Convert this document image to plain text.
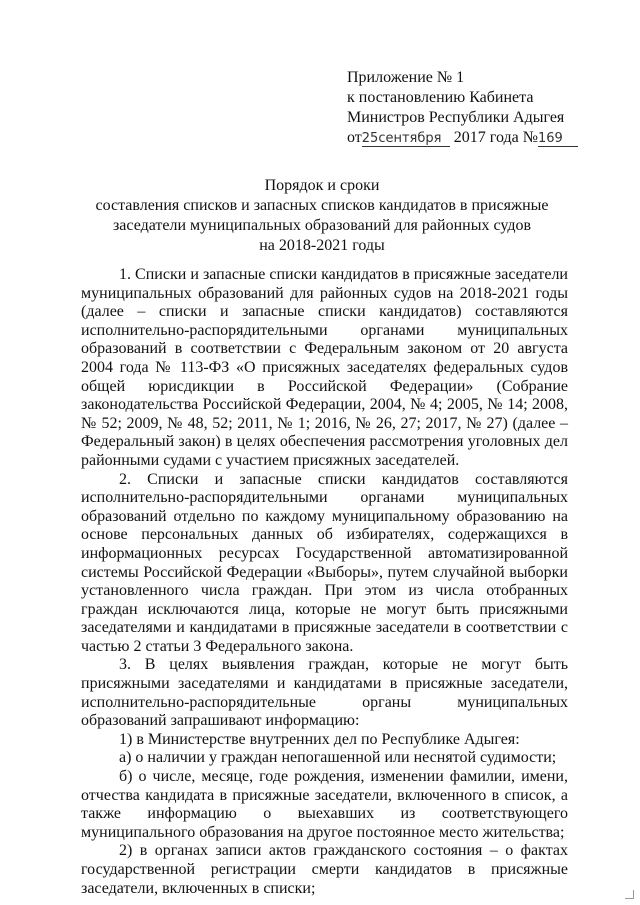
Приложение № 1
к постановлению Кабинета
Министров Республики Адыгея
от25сентября 2017 года №169
Порядок и сроки
составления списков и запасных списков кандидатов в присяжные
заседатели муниципальных образований для районных судов
на 2018-2021 годы

1. Списки и запасные списки кандидатов в присяжные заседатели муниципальных образований для районных судов на 2018-2021 годы (далее – списки и запасные списки кандидатов) составляются исполнительно-распорядительными органами муниципальных образований в соответствии с Федеральным законом от 20 августа 2004 года № 113-ФЗ «О присяжных заседателях федеральных судов общей юрисдикции в Российской Федерации» (Собрание законодательства Российской Федерации, 2004, № 4; 2005, № 14; 2008, № 52; 2009, № 48, 52; 2011, № 1; 2016, № 26, 27; 2017, № 27) (далее – Федеральный закон) в целях обеспечения рассмотрения уголовных дел районными судами с участием присяжных заседателей.

2. Списки и запасные списки кандидатов составляются исполнительно-распорядительными органами муниципальных образований отдельно по каждому муниципальному образованию на основе персональных данных об избирателях, содержащихся в информационных ресурсах Государственной автоматизированной системы Российской Федерации «Выборы», путем случайной выборки установленного числа граждан. При этом из числа отобранных граждан исключаются лица, которые не могут быть присяжными заседателями и кандидатами в присяжные заседатели в соответствии с частью 2 статьи 3 Федерального закона.

3. В целях выявления граждан, которые не могут быть присяжными заседателями и кандидатами в присяжные заседатели, исполнительно-распорядительные органы муниципальных образований запрашивают информацию:

1) в Министерстве внутренних дел по Республике Адыгея:

а) о наличии у граждан непогашенной или неснятой судимости;

б) о числе, месяце, годе рождения, изменении фамилии, имени, отчества кандидата в присяжные заседатели, включенного в список, а также информацию о выехавших из соответствующего муниципального образования на другое постоянное место жительства;

2) в органах записи актов гражданского состояния – о фактах государственной регистрации смерти кандидатов в присяжные заседатели, включенных в списки;
